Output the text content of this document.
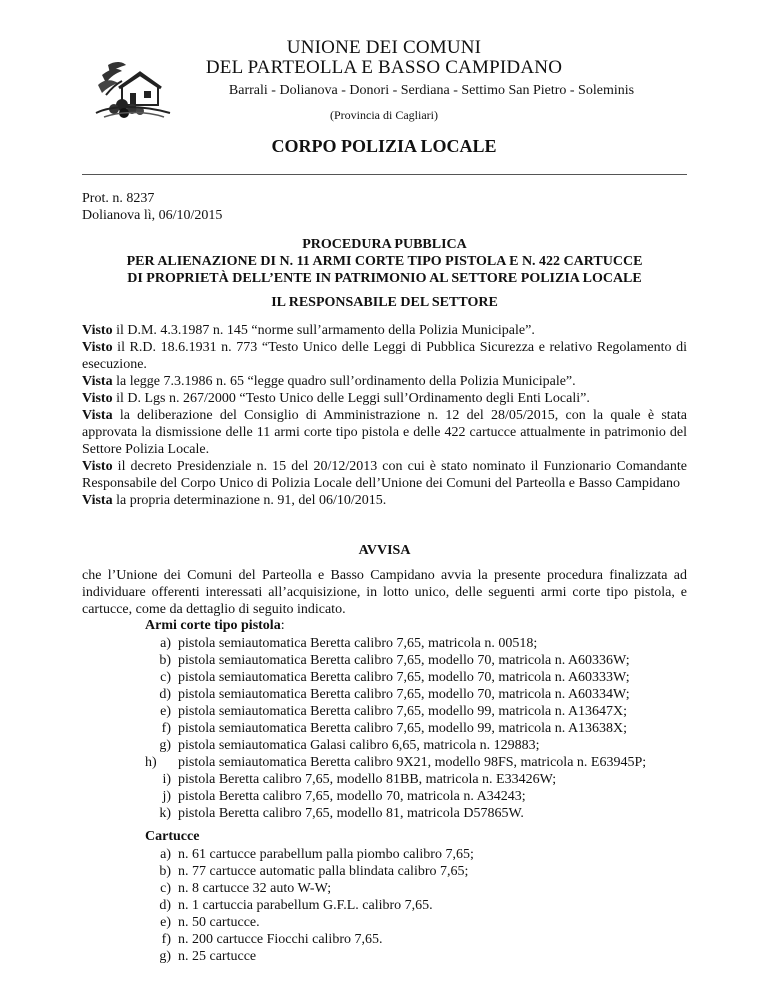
UNIONE DEI COMUNI
DEL PARTEOLLA E BASSO CAMPIDANO
Barrali - Dolianova - Donori - Serdiana - Settimo San Pietro - Soleminis
(Provincia di Cagliari)
CORPO POLIZIA LOCALE
Prot. n. 8237
Dolianova lì, 06/10/2015
PROCEDURA PUBBLICA
PER ALIENAZIONE DI N. 11 ARMI CORTE TIPO PISTOLA E N. 422 CARTUCCE
DI PROPRIETÀ DELL’ENTE IN PATRIMONIO AL SETTORE POLIZIA LOCALE
IL RESPONSABILE DEL SETTORE
Visto il D.M. 4.3.1987 n. 145 “norme sull’armamento della Polizia Municipale”.
Visto il R.D. 18.6.1931 n. 773 “Testo Unico delle Leggi di Pubblica Sicurezza e relativo Regolamento di esecuzione.
Vista la legge 7.3.1986 n. 65 “legge quadro sull’ordinamento della Polizia Municipale”.
Visto il D. Lgs n. 267/2000 “Testo Unico delle Leggi sull’Ordinamento degli Enti Locali”.
Vista la deliberazione del Consiglio di Amministrazione n. 12 del 28/05/2015, con la quale è stata approvata la dismissione delle 11 armi corte tipo pistola e delle 422 cartucce attualmente in patrimonio del Settore Polizia Locale.
Visto il decreto Presidenziale n. 15 del 20/12/2013 con cui è stato nominato il Funzionario Comandante Responsabile del Corpo Unico di Polizia Locale dell’Unione dei Comuni del Parteolla e Basso Campidano
Vista la propria determinazione n. 91, del 06/10/2015.
AVVISA
che l’Unione dei Comuni del Parteolla e Basso Campidano avvia la presente procedura finalizzata ad individuare offerenti interessati all’acquisizione, in lotto unico, delle seguenti armi corte tipo pistola, e cartucce, come da dettaglio di seguito indicato.
Armi corte tipo pistola:
a) pistola semiautomatica Beretta calibro 7,65, matricola n. 00518;
b) pistola semiautomatica Beretta calibro 7,65, modello 70, matricola n. A60336W;
c) pistola semiautomatica Beretta calibro 7,65, modello 70, matricola n. A60333W;
d) pistola semiautomatica Beretta calibro 7,65, modello 70, matricola n. A60334W;
e) pistola semiautomatica Beretta calibro 7,65, modello 99, matricola n. A13647X;
f) pistola semiautomatica Beretta calibro 7,65, modello 99, matricola n. A13638X;
g) pistola semiautomatica Galasi calibro 6,65, matricola n. 129883;
h)	pistola semiautomatica Beretta calibro 9X21, modello 98FS, matricola n. E63945P;
i) pistola Beretta calibro 7,65, modello 81BB, matricola n. E33426W;
j) pistola Beretta calibro 7,65, modello 70, matricola n. A34243;
k) pistola Beretta calibro 7,65, modello 81, matricola D57865W.
Cartucce
a) n. 61 cartucce parabellum palla piombo calibro 7,65;
b) n. 77 cartucce automatic palla blindata calibro 7,65;
c) n. 8 cartucce 32 auto W-W;
d) n. 1 cartuccia parabellum G.F.L. calibro 7,65.
e) n. 50 cartucce.
f) n. 200 cartucce Fiocchi calibro 7,65.
g) n. 25 cartucce
